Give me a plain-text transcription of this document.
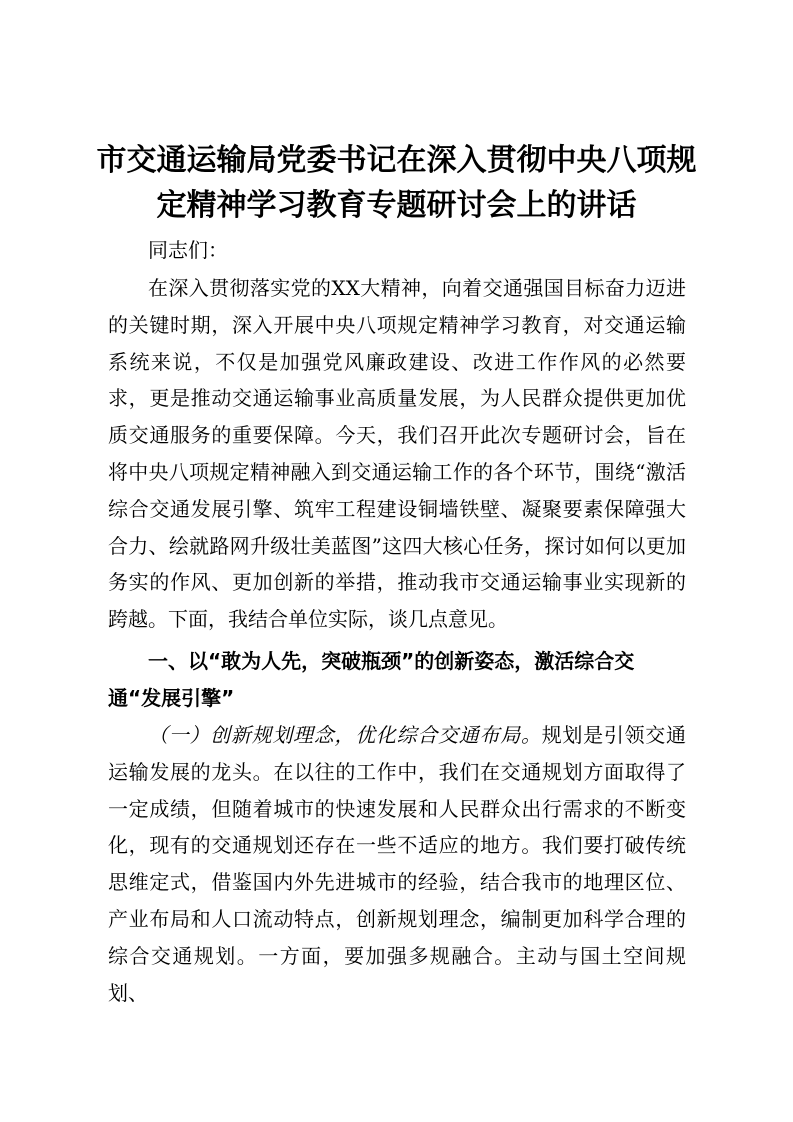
市交通运输局党委书记在深入贯彻中央八项规
定精神学习教育专题研讨会上的讲话

同志们：

在深入贯彻落实党的XX大精神，向着交通强国目标奋力迈进的关键时期，深入开展中央八项规定精神学习教育，对交通运输系统来说，不仅是加强党风廉政建设、改进工作作风的必然要求，更是推动交通运输事业高质量发展，为人民群众提供更加优质交通服务的重要保障。今天，我们召开此次专题研讨会，旨在将中央八项规定精神融入到交通运输工作的各个环节，围绕“激活综合交通发展引擎、筑牢工程建设铜墙铁壁、凝聚要素保障强大合力、绘就路网升级壮美蓝图”这四大核心任务，探讨如何以更加务实的作风、更加创新的举措，推动我市交通运输事业实现新的跨越。下面，我结合单位实际，谈几点意见。

一、以“敢为人先，突破瓶颈”的创新姿态，激活综合交通“发展引擎”

（一）创新规划理念，优化综合交通布局。规划是引领交通运输发展的龙头。在以往的工作中，我们在交通规划方面取得了一定成绩，但随着城市的快速发展和人民群众出行需求的不断变化，现有的交通规划还存在一些不适应的地方。我们要打破传统思维定式，借鉴国内外先进城市的经验，结合我市的地理区位、产业布局和人口流动特点，创新规划理念，编制更加科学合理的综合交通规划。一方面，要加强多规融合。主动与国土空间规划、
